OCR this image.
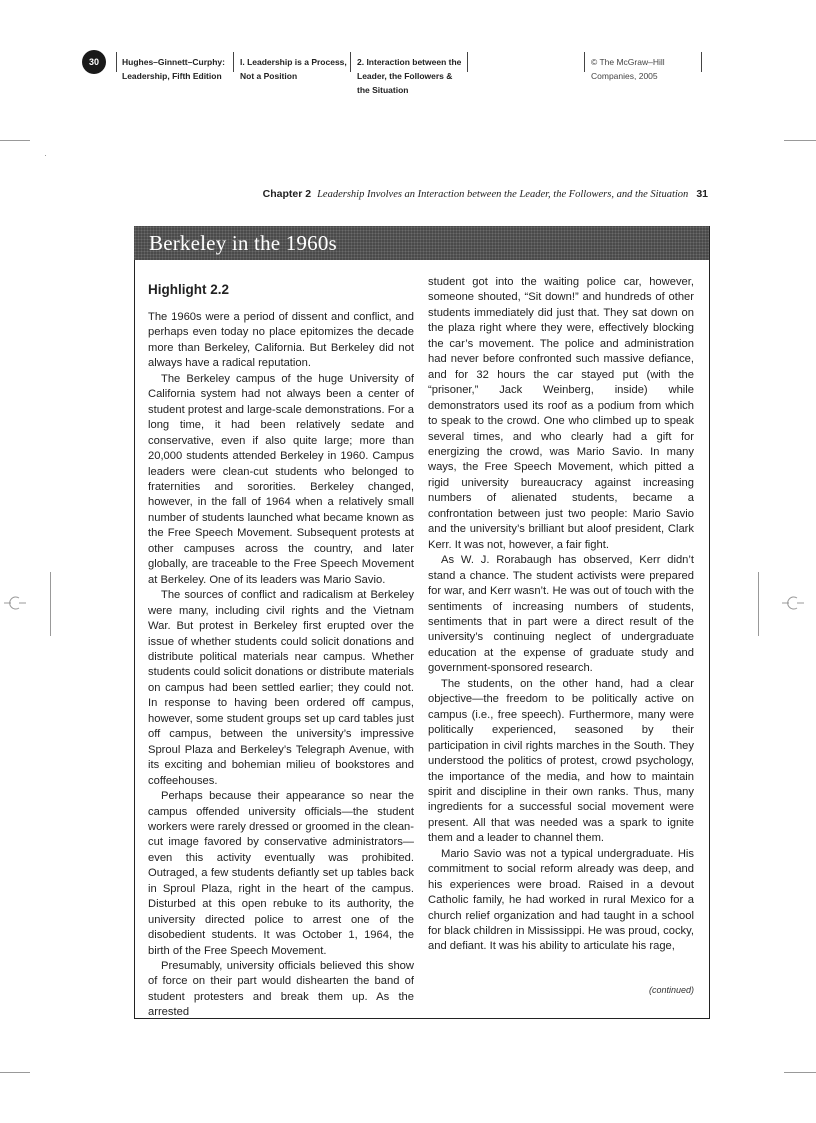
30	Hughes–Ginnett–Curphy:
Leadership, Fifth Edition
I. Leadership is a Process,
Not a Position
2. Interaction between the
Leader, the Followers &
the Situation
© The McGraw–Hill
Companies, 2005
Chapter 2 Leadership Involves an Interaction between the Leader, the Followers, and the Situation 31
Berkeley in the 1960s
Highlight 2.2

The 1960s were a period of dissent and conflict, and perhaps even today no place epitomizes the decade more than Berkeley, California. But Berkeley did not always have a radical reputation.

The Berkeley campus of the huge University of California system had not always been a center of student protest and large-scale demonstrations. For a long time, it had been relatively sedate and conservative, even if also quite large; more than 20,000 students attended Berkeley in 1960. Campus leaders were clean-cut students who belonged to fraternities and sororities. Berkeley changed, however, in the fall of 1964 when a relatively small number of students launched what became known as the Free Speech Movement. Subsequent protests at other campuses across the country, and later globally, are traceable to the Free Speech Movement at Berkeley. One of its leaders was Mario Savio.

The sources of conflict and radicalism at Berkeley were many, including civil rights and the Vietnam War. But protest in Berkeley first erupted over the issue of whether students could solicit donations and distribute political materials near campus. Whether students could solicit donations or distribute materials on campus had been settled earlier; they could not. In response to having been ordered off campus, however, some student groups set up card tables just off campus, between the university’s impressive Sproul Plaza and Berkeley’s Telegraph Avenue, with its exciting and bohemian milieu of bookstores and coffeehouses.

Perhaps because their appearance so near the campus offended university officials—the student workers were rarely dressed or groomed in the clean-cut image favored by conservative administrators—even this activity eventually was prohibited. Outraged, a few students defiantly set up tables back in Sproul Plaza, right in the heart of the campus. Disturbed at this open rebuke to its authority, the university directed police to arrest one of the disobedient students. It was October 1, 1964, the birth of the Free Speech Movement.

Presumably, university officials believed this show of force on their part would dishearten the band of student protesters and break them up. As the arrested

student got into the waiting police car, however, someone shouted, “Sit down!” and hundreds of other students immediately did just that. They sat down on the plaza right where they were, effectively blocking the car’s movement. The police and administration had never before confronted such massive defiance, and for 32 hours the car stayed put (with the “prisoner,” Jack Weinberg, inside) while demonstrators used its roof as a podium from which to speak to the crowd. One who climbed up to speak several times, and who clearly had a gift for energizing the crowd, was Mario Savio. In many ways, the Free Speech Movement, which pitted a rigid university bureaucracy against increasing numbers of alienated students, became a confrontation between just two people: Mario Savio and the university’s brilliant but aloof president, Clark Kerr. It was not, however, a fair fight.

As W. J. Rorabaugh has observed, Kerr didn’t stand a chance. The student activists were prepared for war, and Kerr wasn’t. He was out of touch with the sentiments of increasing numbers of students, sentiments that in part were a direct result of the university’s continuing neglect of undergraduate education at the expense of graduate study and government-sponsored research.

The students, on the other hand, had a clear objective—the freedom to be politically active on campus (i.e., free speech). Furthermore, many were politically experienced, seasoned by their participation in civil rights marches in the South. They understood the politics of protest, crowd psychology, the importance of the media, and how to maintain spirit and discipline in their own ranks. Thus, many ingredients for a successful social movement were present. All that was needed was a spark to ignite them and a leader to channel them.

Mario Savio was not a typical undergraduate. His commitment to social reform already was deep, and his experiences were broad. Raised in a devout Catholic family, he had worked in rural Mexico for a church relief organization and had taught in a school for black children in Mississippi. He was proud, cocky, and defiant. It was his ability to articulate his rage,

(continued)
